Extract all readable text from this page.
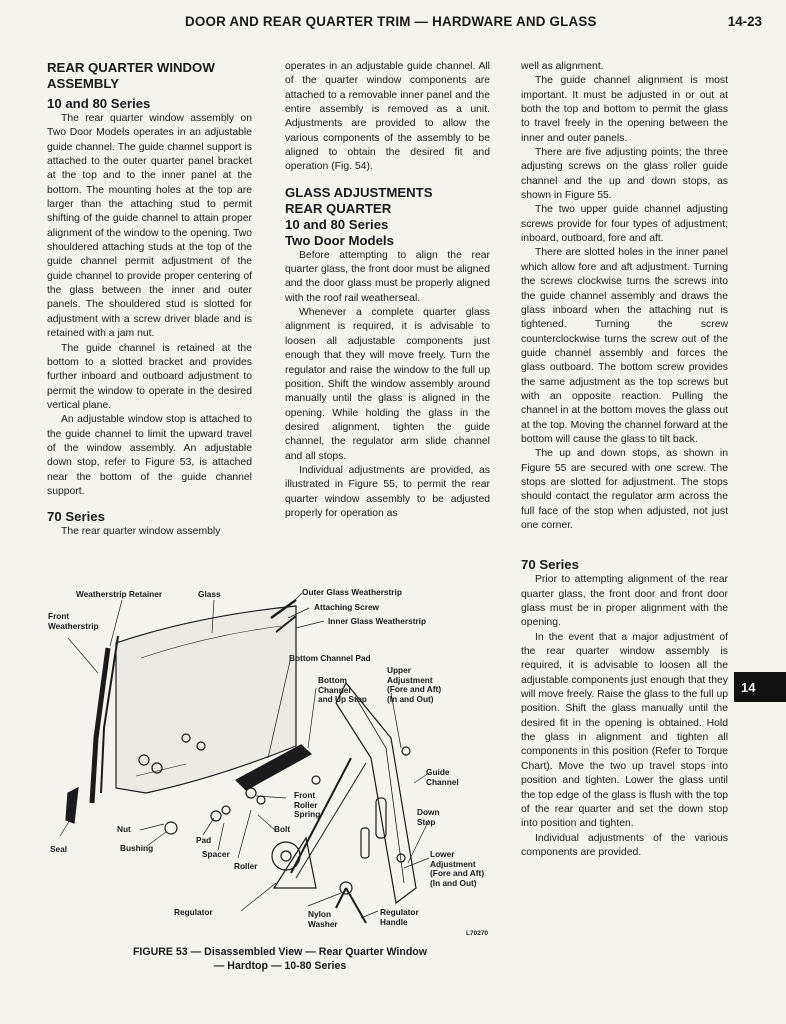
DOOR AND REAR QUARTER TRIM — HARDWARE AND GLASS	14-23
REAR QUARTER WINDOW ASSEMBLY
10 and 80 Series

The rear quarter window assembly on Two Door Models operates in an adjustable guide channel. The guide channel support is attached to the outer quarter panel bracket at the top and to the inner panel at the bottom. The mounting holes at the top are larger than the attaching stud to permit shifting of the guide channel to attain proper alignment of the window to the opening. Two shouldered attaching studs at the top of the guide channel permit adjustment of the guide channel to provide proper centering of the glass between the inner and outer panels. The shouldered stud is slotted for adjustment with a screw driver blade and is retained with a jam nut.

The guide channel is retained at the bottom to a slotted bracket and provides further inboard and outboard adjustment to permit the window to operate in the desired vertical plane.

An adjustable window stop is attached to the guide channel to limit the upward travel of the window assembly. An adjustable down stop, refer to Figure 53, is attached near the bottom of the guide channel support.

70 Series

The rear quarter window assembly

operates in an adjustable guide channel. All of the quarter window components are attached to a removable inner panel and the entire assembly is removed as a unit. Adjustments are provided to allow the various components of the assembly to be aligned to obtain the desired fit and operation (Fig. 54).

GLASS ADJUSTMENTS
REAR QUARTER
10 and 80 Series
Two Door Models

Before attempting to align the rear quarter glass, the front door must be aligned and the door glass must be properly aligned with the roof rail weatherseal.

Whenever a complete quarter glass alignment is required, it is advisable to loosen all adjustable components just enough that they will move freely. Turn the regulator and raise the window to the full up position. Shift the window assembly around manually until the glass is aligned in the opening. While holding the glass in the desired alignment, tighten the guide channel, the regulator arm slide channel and all stops.

Individual adjustments are provided, as illustrated in Figure 55, to permit the rear quarter window assembly to be adjusted properly for operation as

well as alignment.

The guide channel alignment is most important. It must be adjusted in or out at both the top and bottom to permit the glass to travel freely in the opening between the inner and outer panels.

There are five adjusting points; the three adjusting screws on the glass roller guide channel and the up and down stops, as shown in Figure 55.

The two upper guide channel adjusting screws provide for four types of adjustment; inboard, outboard, fore and aft.

There are slotted holes in the inner panel which allow fore and aft adjustment. Turning the screws clockwise turns the screws into the guide channel assembly and draws the glass inboard when the attaching nut is tightened. Turning the screw counterclockwise turns the screw out of the guide channel assembly and forces the glass outboard. The bottom screw provides the same adjustment as the top screws but with an opposite reaction. Pulling the channel in at the bottom moves the glass out at the top. Moving the channel forward at the bottom will cause the glass to tilt back.

The up and down stops, as shown in Figure 55 are secured with one screw. The stops are slotted for adjustment. The stops should contact the regulator arm across the full face of the stop when adjusted, not just one corner.

70 Series

Prior to attempting alignment of the rear quarter glass, the front door and front door glass must be in proper alignment with the opening.

In the event that a major adjustment of the rear quarter window assembly is required, it is advisable to loosen all the adjustable components just enough that they will move freely. Raise the glass to the full up position. Shift the glass manually until the desired fit in the opening is obtained. Hold the glass in alignment and tighten all components in this position (Refer to Torque Chart). Move the two up travel stops into position and tighten. Lower the glass until the top edge of the glass is flush with the top of the rear quarter and set the down stop into position and tighten.

Individual adjustments of the various components are provided.

14
Weatherstrip Retainer	Glass	Outer Glass Weatherstrip
Attaching Screw
Inner Glass Weatherstrip
Front
Weatherstrip
Bottom Channel Pad
Bottom
Channel
and Up Stop
Upper
Adjustment
(Fore and Aft)
(In and Out)
Guide
Channel
Front
Roller
Spring
Bolt
Nut
Pad
Spacer
Seal	Bushing
Roller
Down
Stop
Lower
Adjustment
(Fore and Aft)
(In and Out)
Regulator	Nylon
Washer
Regulator
Handle
L70270
FIGURE 53 — Disassembled View — Rear Quarter Window
— Hardtop — 10-80 Series
